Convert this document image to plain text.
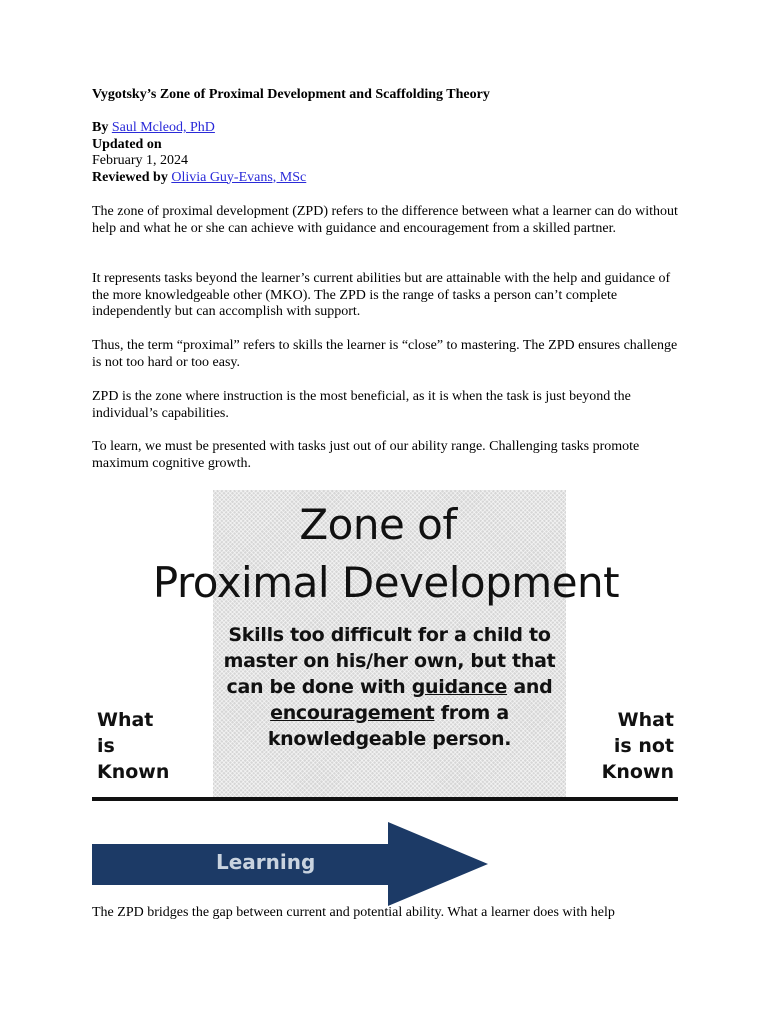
Vygotsky’s Zone of Proximal Development and Scaffolding Theory
By Saul Mcleod, PhD
Updated on
February 1, 2024
Reviewed by Olivia Guy-Evans, MSc

The zone of proximal development (ZPD) refers to the difference between what a learner can do without help and what he or she can achieve with guidance and encouragement from a skilled partner.

It represents tasks beyond the learner’s current abilities but are attainable with the help and guidance of the more knowledgeable other (MKO). The ZPD is the range of tasks a person can’t complete independently but can accomplish with support.

Thus, the term “proximal” refers to skills the learner is “close” to mastering. The ZPD ensures challenge is not too hard or too easy.

ZPD is the zone where instruction is the most beneficial, as it is when the task is just beyond the individual’s capabilities.

To learn, we must be presented with tasks just out of our ability range. Challenging tasks promote maximum cognitive growth.

The ZPD bridges the gap between current and potential ability. What a learner does with help

Zone of
Proximal Development
Skills too difficult for a child to master on his/her own, but that can be done with guidance and encouragement from a knowledgeable person.
What
is
Known
What
is not
Known
Learning
